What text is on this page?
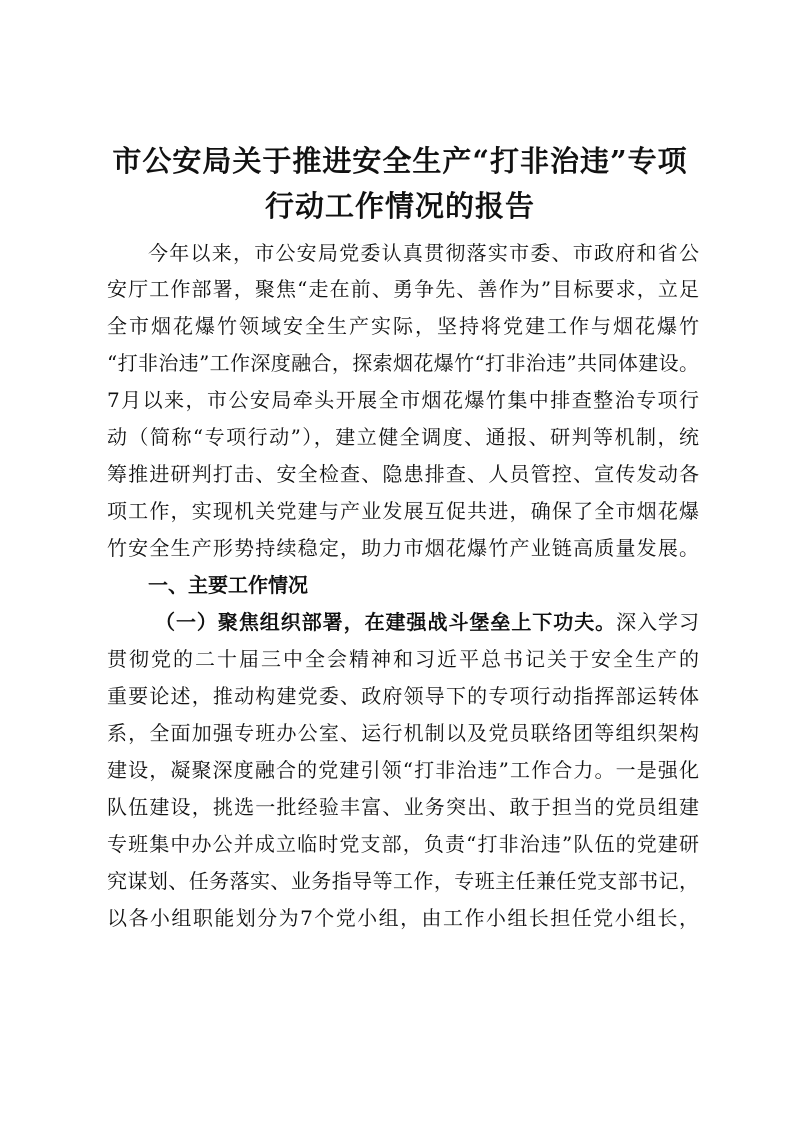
市公安局关于推进安全生产“打非治违”专项
行动工作情况的报告
今年以来，市公安局党委认真贯彻落实市委、市政府和省公
安厅工作部署，聚焦“走在前、勇争先、善作为”目标要求，立足
全市烟花爆竹领域安全生产实际，坚持将党建工作与烟花爆竹
“打非治违”工作深度融合，探索烟花爆竹“打非治违”共同体建设。
7月以来，市公安局牵头开展全市烟花爆竹集中排查整治专项行
动（简称“专项行动”），建立健全调度、通报、研判等机制，统
筹推进研判打击、安全检查、隐患排查、人员管控、宣传发动各
项工作，实现机关党建与产业发展互促共进，确保了全市烟花爆
竹安全生产形势持续稳定，助力市烟花爆竹产业链高质量发展。
一、主要工作情况
（一）聚焦组织部署，在建强战斗堡垒上下功夫。深入学习
贯彻党的二十届三中全会精神和习近平总书记关于安全生产的
重要论述，推动构建党委、政府领导下的专项行动指挥部运转体
系，全面加强专班办公室、运行机制以及党员联络团等组织架构
建设，凝聚深度融合的党建引领“打非治违”工作合力。一是强化
队伍建设，挑选一批经验丰富、业务突出、敢于担当的党员组建
专班集中办公并成立临时党支部，负责“打非治违”队伍的党建研
究谋划、任务落实、业务指导等工作，专班主任兼任党支部书记，
以各小组职能划分为7个党小组，由工作小组长担任党小组长，
